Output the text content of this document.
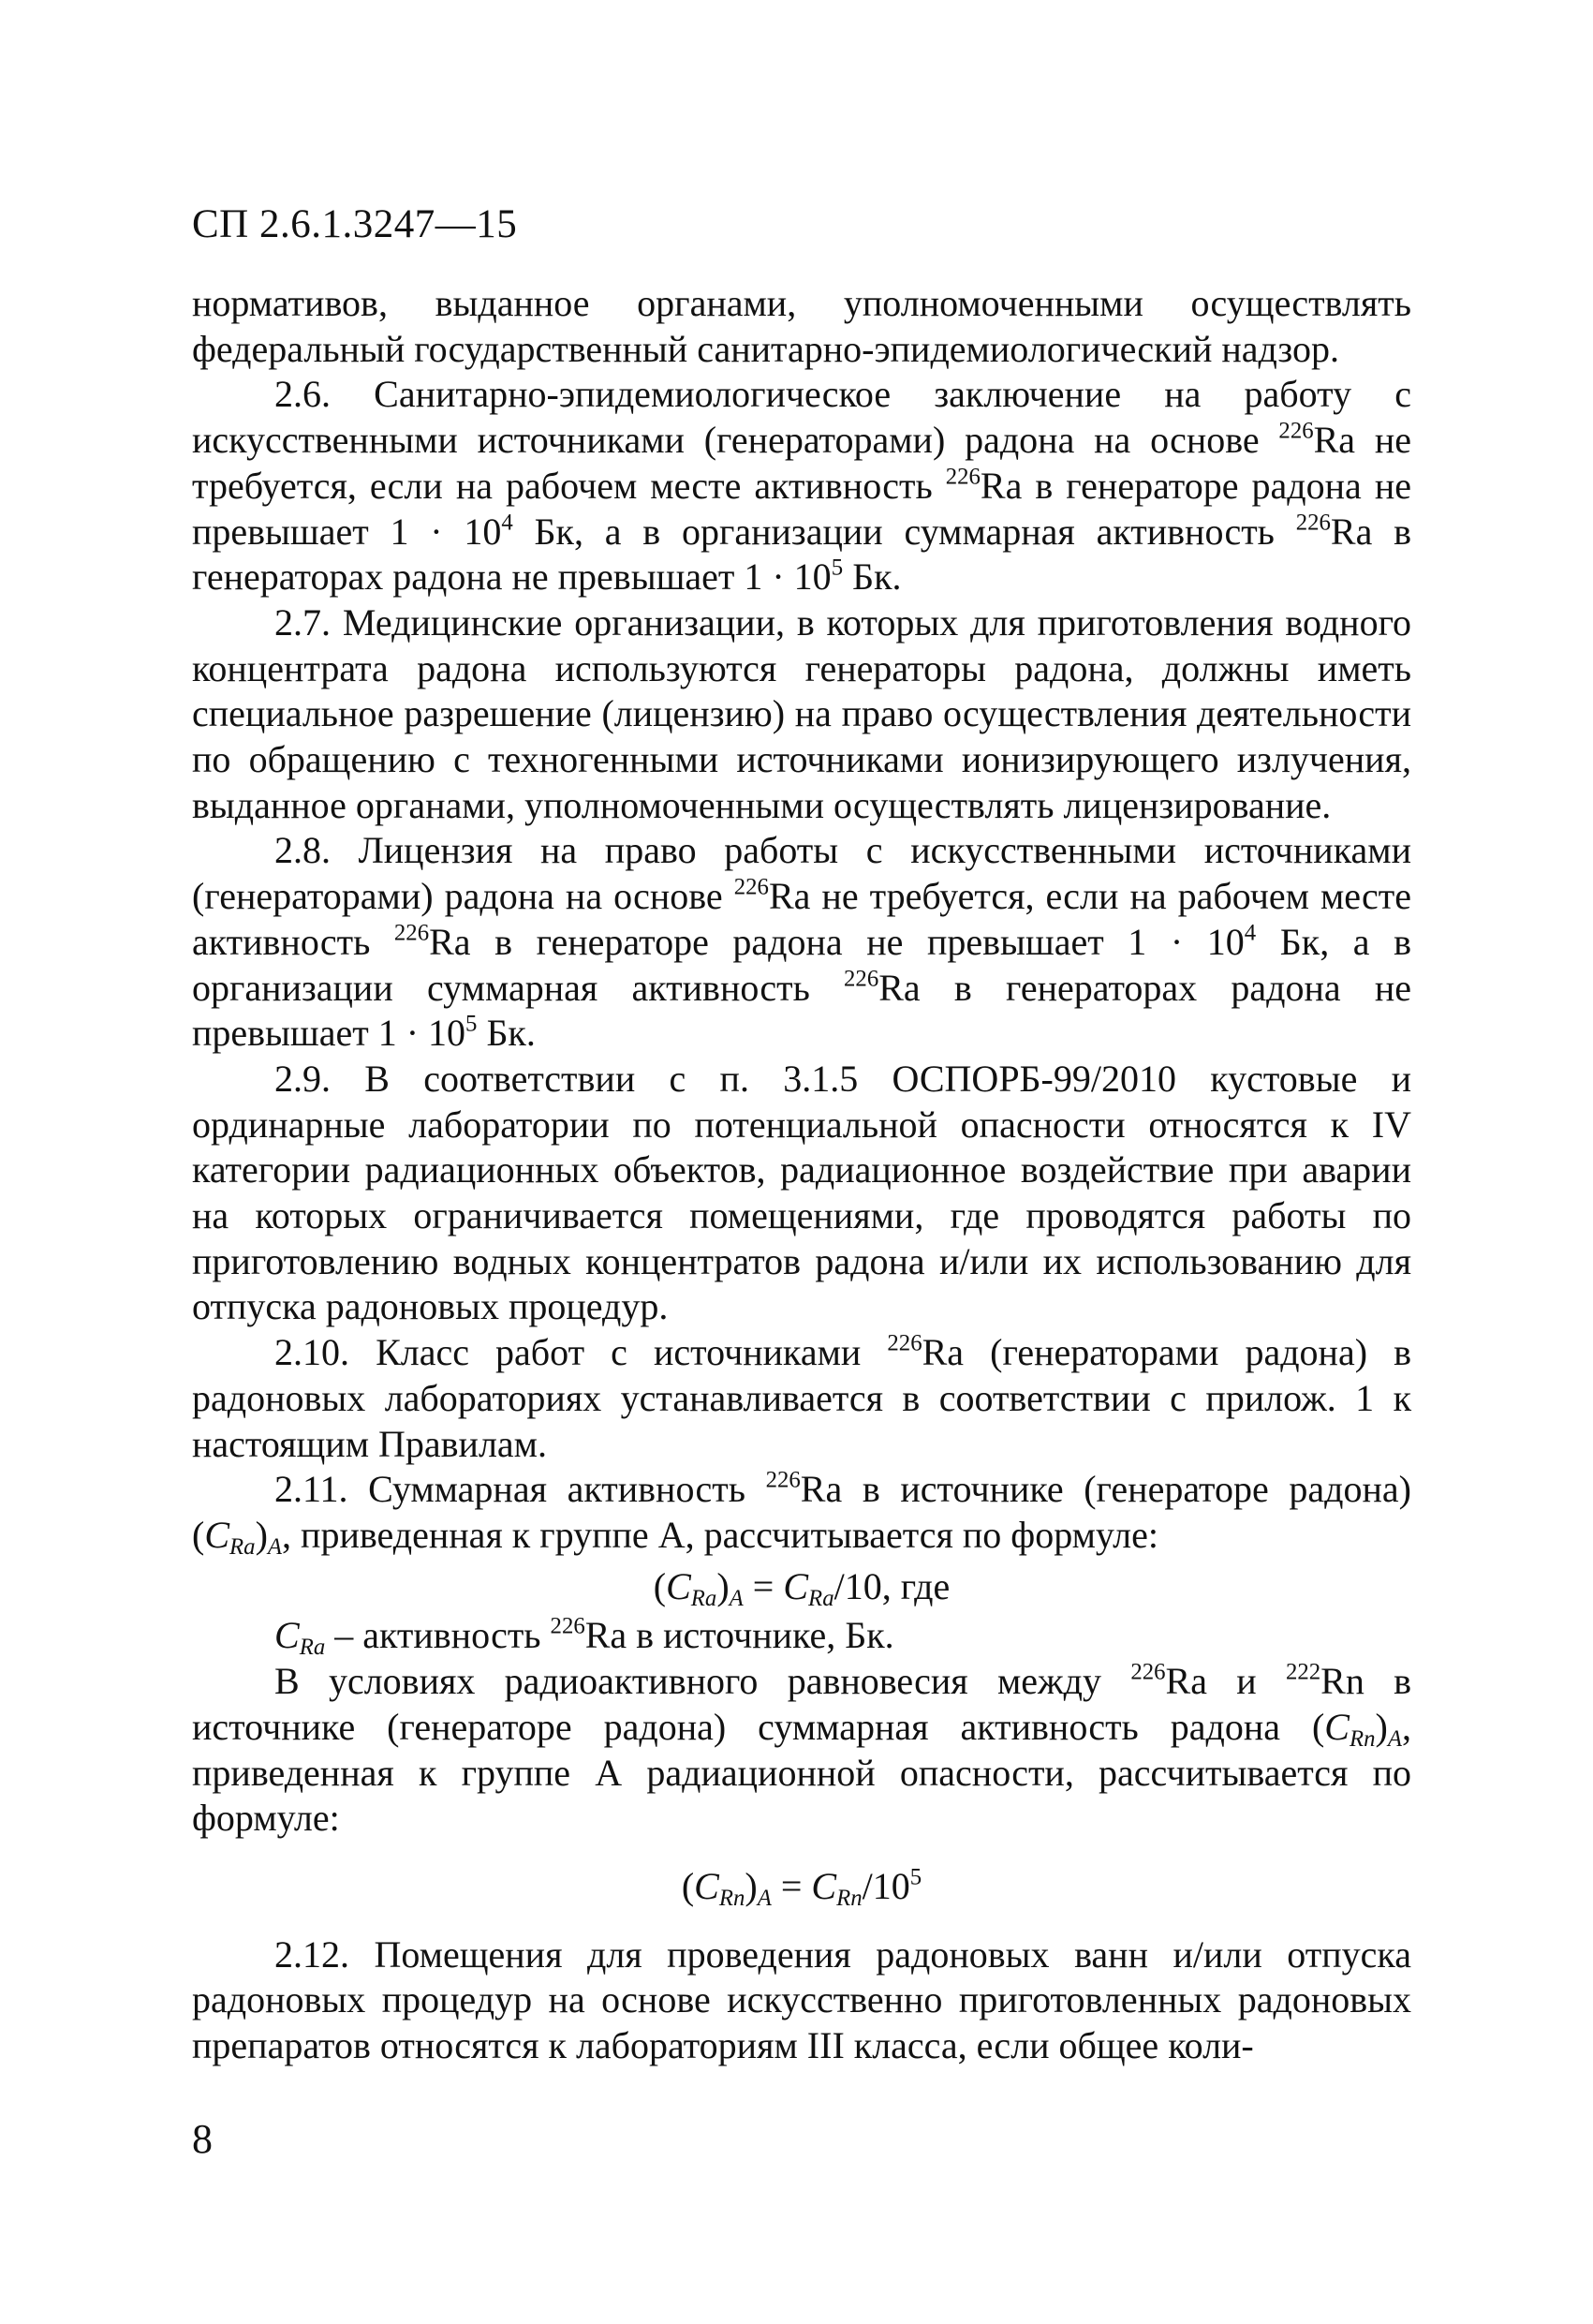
СП 2.6.1.3247—15

нормативов, выданное органами, уполномоченными осуществлять федеральный государственный санитарно-эпидемиологический надзор.

2.6. Санитарно-эпидемиологическое заключение на работу с искусственными источниками (генераторами) радона на основе $^{226}$Ra не требуется, если на рабочем месте активность $^{226}$Ra в генераторе радона не превышает $1 \cdot 10^4$ Бк, а в организации суммарная активность $^{226}$Ra в генераторах радона не превышает $1 \cdot 10^5$ Бк.

2.7. Медицинские организации, в которых для приготовления водного концентрата радона используются генераторы радона, должны иметь специальное разрешение (лицензию) на право осуществления деятельности по обращению с техногенными источниками ионизирующего излучения, выданное органами, уполномоченными осуществлять лицензирование.

2.8. Лицензия на право работы с искусственными источниками (генераторами) радона на основе $^{226}$Ra не требуется, если на рабочем месте активность $^{226}$Ra в генераторе радона не превышает $1 \cdot 10^4$ Бк, а в организации суммарная активность $^{226}$Ra в генераторах радона не превышает $1 \cdot 10^5$ Бк.

2.9. В соответствии с п. 3.1.5 ОСПОРБ-99/2010 кустовые и ординарные лаборатории по потенциальной опасности относятся к IV категории радиационных объектов, радиационное воздействие при аварии на которых ограничивается помещениями, где проводятся работы по приготовлению водных концентратов радона и/или их использованию для отпуска радоновых процедур.

2.10. Класс работ с источниками $^{226}$Ra (генераторами радона) в радоновых лабораториях устанавливается в соответствии с прилож. 1 к настоящим Правилам.

2.11. Суммарная активность $^{226}$Ra в источнике (генераторе радона) $(C_{Ra})_A$, приведенная к группе А, рассчитывается по формуле:

$(C_{Ra})_A = C_{Ra}/10$, где

$C_{Ra}$ – активность $^{226}$Ra в источнике, Бк.

В условиях радиоактивного равновесия между $^{226}$Ra и $^{222}$Rn в источнике (генераторе радона) суммарная активность радона $(C_{Rn})_A$, приведенная к группе А радиационной опасности, рассчитывается по формуле:

$(C_{Rn})_A = C_{Rn}/10^5$

2.12. Помещения для проведения радоновых ванн и/или отпуска радоновых процедур на основе искусственно приготовленных радоновых препаратов относятся к лабораториям III класса, если общее коли-

8
